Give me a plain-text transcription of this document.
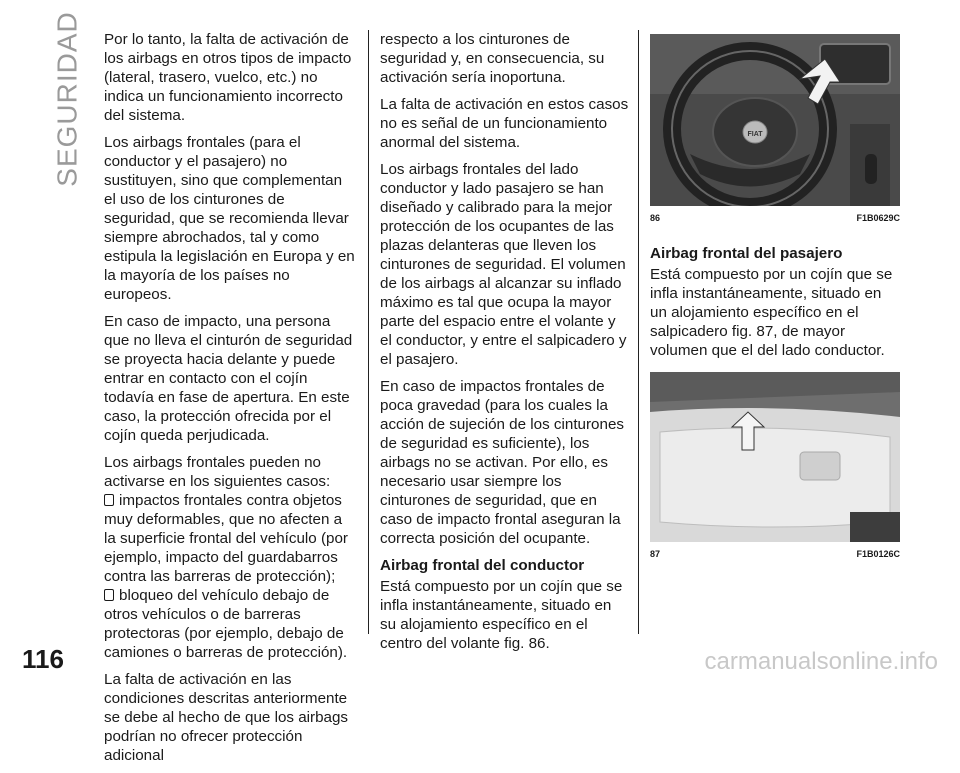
SEGURIDAD Por lo tanto, la falta de activación de los airbags en otros tipos de impacto (lateral, trasero, vuelco, etc.) no indica un funcionamiento incorrecto del sistema.

Los airbags frontales (para el conductor y el pasajero) no sustituyen, sino que complementan el uso de los cinturones de seguridad, que se recomienda llevar siempre abrochados, tal y como estipula la legislación en Europa y en la mayoría de los países no europeos.

En caso de impacto, una persona que no lleva el cinturón de seguridad se proyecta hacia delante y puede entrar en contacto con el cojín todavía en fase de apertura. En este caso, la protección ofrecida por el cojín queda perjudicada.

Los airbags frontales pueden no activarse en los siguientes casos:
impactos frontales contra objetos muy deformables, que no afecten a la superficie frontal del vehículo (por ejemplo, impacto del guardabarros contra las barreras de protección);
bloqueo del vehículo debajo de otros vehículos o de barreras protectoras (por ejemplo, debajo de camiones o barreras de protección).

La falta de activación en las condiciones descritas anteriormente se debe al hecho de que los airbags podrían no ofrecer protección adicional

respecto a los cinturones de seguridad y, en consecuencia, su activación sería inoportuna.

La falta de activación en estos casos no es señal de un funcionamiento anormal del sistema.

Los airbags frontales del lado conductor y lado pasajero se han diseñado y calibrado para la mejor protección de los ocupantes de las plazas delanteras que lleven los cinturones de seguridad. El volumen de los airbags al alcanzar su inflado máximo es tal que ocupa la mayor parte del espacio entre el volante y el conductor, y entre el salpicadero y el pasajero.

En caso de impactos frontales de poca gravedad (para los cuales la acción de sujeción de los cinturones de seguridad es suficiente), los airbags no se activan. Por ello, es necesario usar siempre los cinturones de seguridad, que en caso de impacto frontal aseguran la correcta posición del ocupante.

Airbag frontal del conductor

Está compuesto por un cojín que se infla instantáneamente, situado en su alojamiento específico en el centro del volante fig. 86.

FIAT
86	F1B0629C
Airbag frontal del pasajero

Está compuesto por un cojín que se infla instantáneamente, situado en un alojamiento específico en el salpicadero fig. 87, de mayor volumen que el del lado conductor.

87	F1B0126C
116	carmanualsonline.info
